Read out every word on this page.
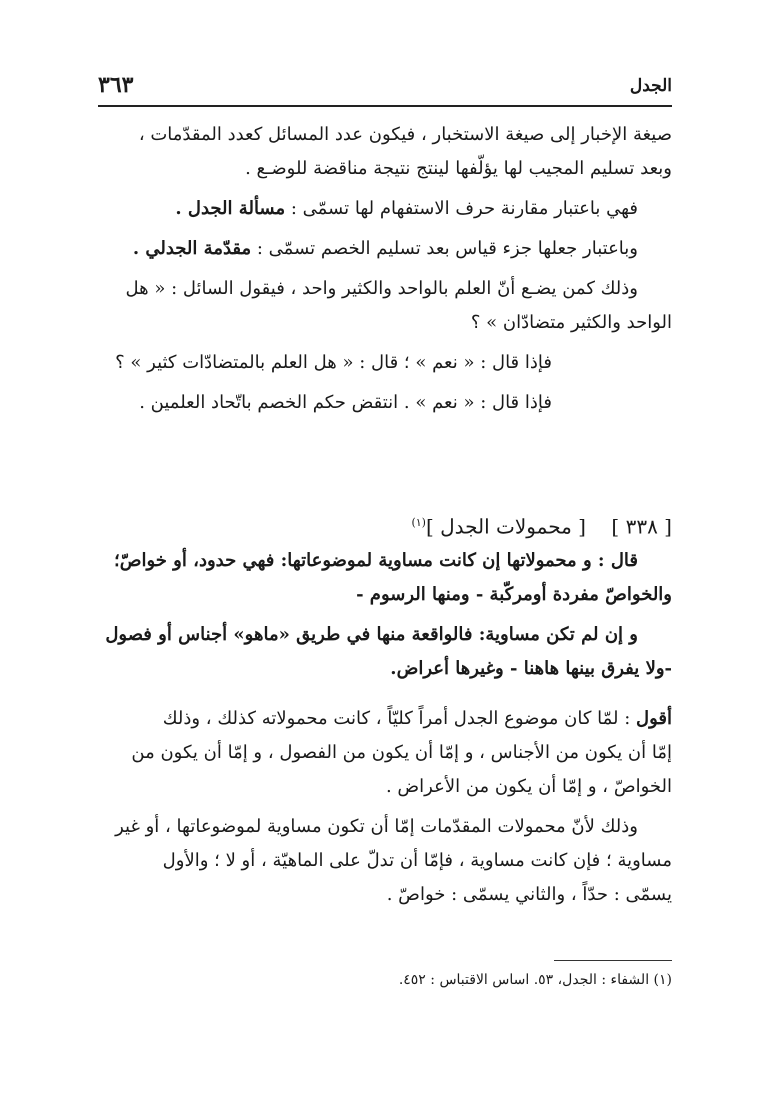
الجدل
٣٦٣
صيغة الإخبار إلى صيغة الاستخبار ، فيكون عدد المسائل كعدد المقدّمات ،
وبعد تسليم المجيب لها يؤلّفها لينتج نتيجة مناقضة للوضـع .
فهي باعتبار مقارنة حرف الاستفهام لها تسمّى : مسألة الجدل .
وباعتبار جعلها جزء قياس بعد تسليم الخصم تسمّى : مقدّمة الجدلي .
وذلك كمن يضـع أنّ العلم بالواحد والكثير واحد ، فيقول السائل : « هل
الواحد والكثير متضادّان » ؟
فإذا قال : « نعم » ؛ قال : « هل العلم بالمتضادّات كثير » ؟
فإذا قال : « نعم » . انتقض حكم الخصم باتّحاد العلمين .
[ ٣٣٨ ]    [ محمولات الجدل ]$^{(١)}$
قال : و محمولاتها إن كانت مساوية لموضوعاتها: فهي حدود، أو خواصّ؛
والخواصّ مفردة أومركّبة - ومنها الرسوم -
و إن لم تكن مساوية: فالواقعة منها في طريق «ماهو» أجناس أو فصول
-ولا يفرق بينها هاهنا - وغيرها أعراض.
أقول : لمّا كان موضوع الجدل أمراً كليّاً ، كانت محمولاته كذلك ، وذلك
إمّا أن يكون من الأجناس ، و إمّا أن يكون من الفصول ، و إمّا أن يكون من
الخواصّ ، و إمّا أن يكون من الأعراض .
وذلك لأنّ محمولات المقدّمات إمّا أن تكون مساوية لموضوعاتها ، أو غير
مساوية ؛ فإن كانت مساوية ، فإمّا أن تدلّ على الماهيّة ، أو لا ؛ والأول
يسمّى : حدّاً ، والثاني يسمّى : خواصّ .
(١) الشفاء : الجدل، ٥٣. اساس الاقتباس : ٤٥٢.
